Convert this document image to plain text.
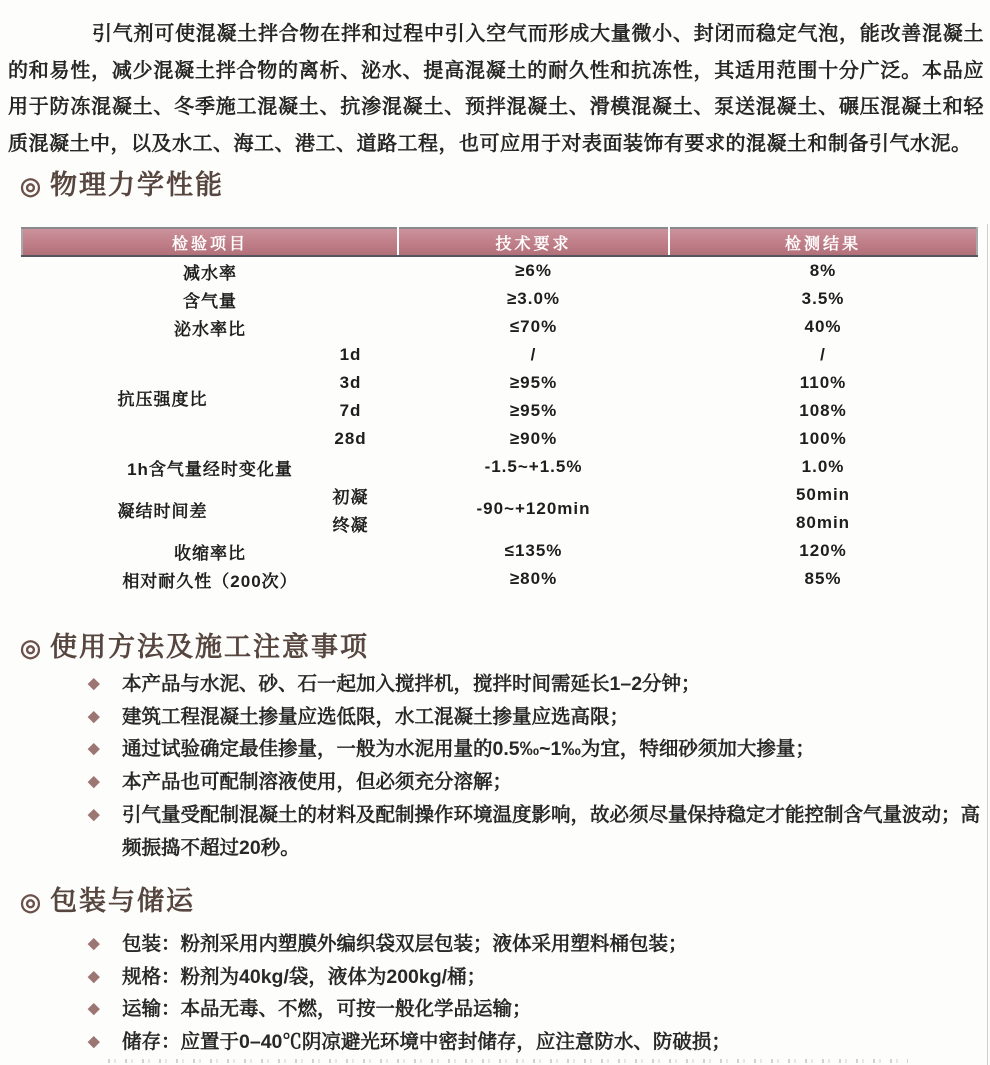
引气剂可使混凝土拌合物在拌和过程中引入空气而形成大量微小、封闭而稳定气泡，能改善混凝土的和易性，减少混凝土拌合物的离析、泌水、提高混凝土的耐久性和抗冻性，其适用范围十分广泛。本品应用于防冻混凝土、冬季施工混凝土、抗渗混凝土、预拌混凝土、滑模混凝土、泵送混凝土、碾压混凝土和轻质混凝土中，以及水工、海工、港工、道路工程，也可应用于对表面装饰有要求的混凝土和制备引气水泥。

◎ 物理力学性能
检验项目		技术要求	检测结果
减水率		≥6%	8%
含气量		≥3.0%	3.5%
泌水率比		≤70%	40%
抗压强度比	1d	/	/
	3d	≥95%	110%
	7d	≥95%	108%
	28d	≥90%	100%
1h含气量经时变化量		-1.5~+1.5%	1.0%
凝结时间差	初凝	-90~+120min	50min
	终凝		80min
收缩率比		≤135%	120%
相对耐久性（200次）		≥80%	85%
◎ 使用方法及施工注意事项
◆	本产品与水泥、砂、石一起加入搅拌机，搅拌时间需延长1–2分钟；
◆	建筑工程混凝土掺量应选低限，水工混凝土掺量应选高限；
◆	通过试验确定最佳掺量，一般为水泥用量的0.5‰~1‰为宜，特细砂须加大掺量；
◆	本产品也可配制溶液使用，但必须充分溶解；
◆	引气量受配制混凝土的材料及配制操作环境温度影响，故必须尽量保持稳定才能控制含气量波动；高频振捣不超过20秒。
◎ 包装与储运
◆	包装：粉剂采用内塑膜外编织袋双层包装；液体采用塑料桶包装；
◆	规格：粉剂为40kg/袋，液体为200kg/桶；
◆	运输：本品无毒、不燃，可按一般化学品运输；
◆	储存：应置于0–40℃阴凉避光环境中密封储存，应注意防水、防破损；
